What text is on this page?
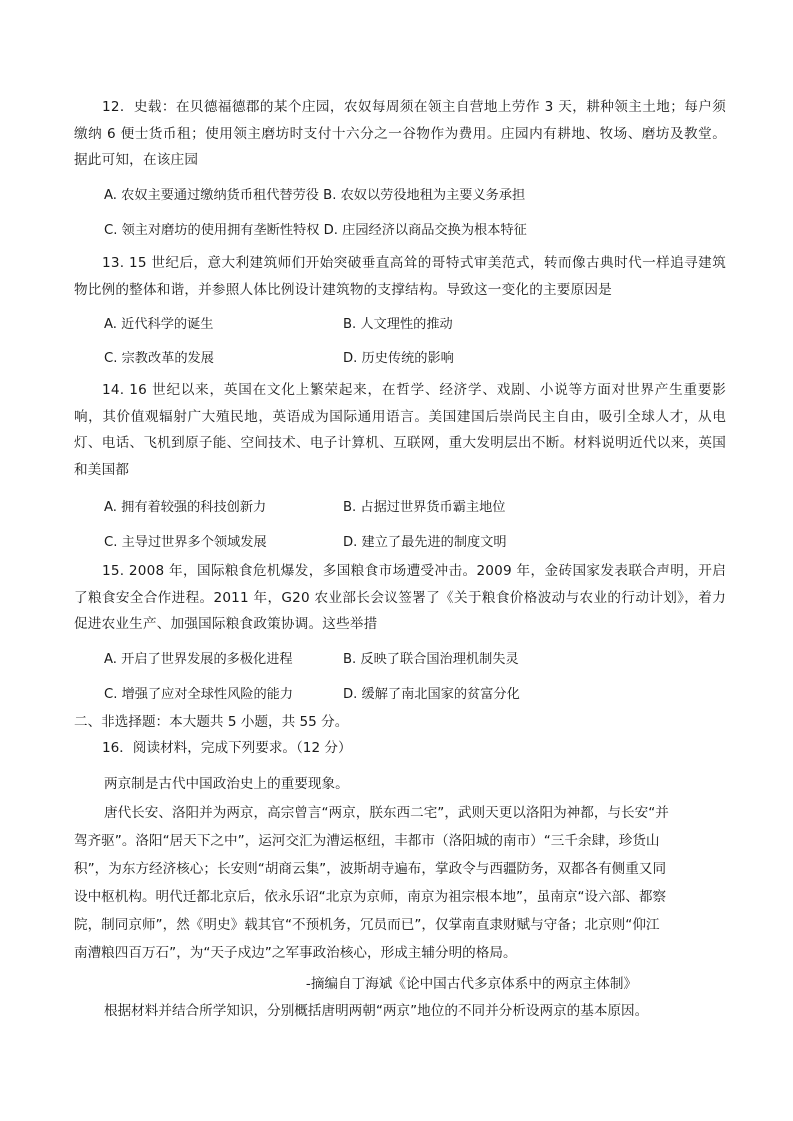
12．史载：在贝德福德郡的某个庄园，农奴每周须在领主自营地上劳作 3 天，耕种领主土地；每户须缴纳 6 便士货币租；使用领主磨坊时支付十六分之一谷物作为费用。庄园内有耕地、牧场、磨坊及教堂。据此可知，在该庄园
A. 农奴主要通过缴纳货币租代替劳役 B. 农奴以劳役地租为主要义务承担
C. 领主对磨坊的使用拥有垄断性特权 D. 庄园经济以商品交换为根本特征
13. 15 世纪后，意大利建筑师们开始突破垂直高耸的哥特式审美范式，转而像古典时代一样追寻建筑物比例的整体和谐，并参照人体比例设计建筑物的支撑结构。导致这一变化的主要原因是
A. 近代科学的诞生	B. 人文理性的推动
C. 宗教改革的发展	D. 历史传统的影响
14. 16 世纪以来，英国在文化上繁荣起来，在哲学、经济学、戏剧、小说等方面对世界产生重要影响，其价值观辐射广大殖民地，英语成为国际通用语言。美国建国后崇尚民主自由，吸引全球人才，从电灯、电话、飞机到原子能、空间技术、电子计算机、互联网，重大发明层出不断。材料说明近代以来，英国和美国都
A. 拥有着较强的科技创新力	B. 占据过世界货币霸主地位
C. 主导过世界多个领域发展	D. 建立了最先进的制度文明
15. 2008 年，国际粮食危机爆发，多国粮食市场遭受冲击。2009 年，金砖国家发表联合声明，开启了粮食安全合作进程。2011 年，G20 农业部长会议签署了《关于粮食价格波动与农业的行动计划》，着力促进农业生产、加强国际粮食政策协调。这些举措
A. 开启了世界发展的多极化进程	B. 反映了联合国治理机制失灵
C. 增强了应对全球性风险的能力	D. 缓解了南北国家的贫富分化
二、非选择题：本大题共 5 小题，共 55 分。
16．阅读材料，完成下列要求。（12 分）
两京制是古代中国政治史上的重要现象。
唐代长安、洛阳并为两京，高宗曾言“两京，朕东西二宅”，武则天更以洛阳为神都，与长安“并
驾齐驱”。洛阳“居天下之中”，运河交汇为漕运枢纽，丰都市（洛阳城的南市）“三千余肆，珍货山
积”，为东方经济核心；长安则“胡商云集”，波斯胡寺遍布，掌政令与西疆防务，双都各有侧重又同
设中枢机构。明代迁都北京后，依永乐诏“北京为京师，南京为祖宗根本地”，虽南京“设六部、都察
院，制同京师”，然《明史》载其官“不预机务，冗员而已”，仅掌南直隶财赋与守备；北京则“仰江
南漕粮四百万石”，为“天子戍边”之军事政治核心，形成主辅分明的格局。
-摘编自丁海斌《论中国古代多京体系中的两京主体制》
根据材料并结合所学知识，分别概括唐明两朝“两京”地位的不同并分析设两京的基本原因。
